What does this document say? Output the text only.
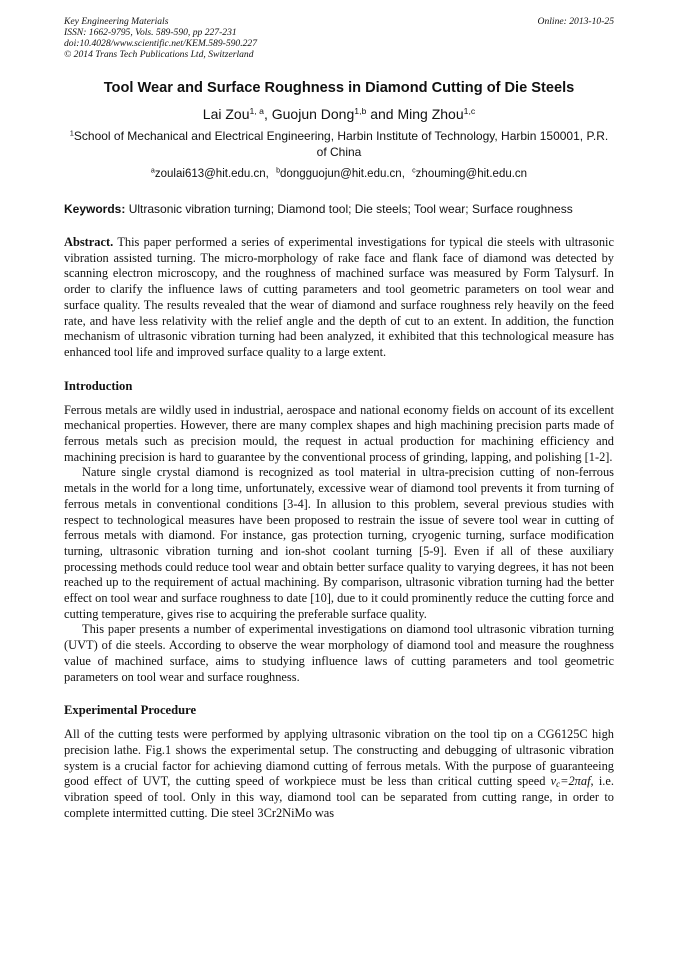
Key Engineering Materials
ISSN: 1662-9795, Vols. 589-590, pp 227-231
doi:10.4028/www.scientific.net/KEM.589-590.227
© 2014 Trans Tech Publications Ltd, Switzerland
Online: 2013-10-25
Tool Wear and Surface Roughness in Diamond Cutting of Die Steels
Lai Zou$^{1, a}$, Guojun Dong$^{1,b}$ and Ming Zhou$^{1,c}$
$^1$School of Mechanical and Electrical Engineering, Harbin Institute of Technology, Harbin 150001, P.R. of China
$^a$zoulai613@hit.edu.cn, $^b$dongguojun@hit.edu.cn, $^c$zhouming@hit.edu.cn
Keywords: Ultrasonic vibration turning; Diamond tool; Die steels; Tool wear; Surface roughness

Abstract. This paper performed a series of experimental investigations for typical die steels with ultrasonic vibration assisted turning. The micro-morphology of rake face and flank face of diamond was detected by scanning electron microscopy, and the roughness of machined surface was measured by Form Talysurf. In order to clarify the influence laws of cutting parameters and tool geometric parameters on tool wear and surface quality. The results revealed that the wear of diamond and surface roughness rely heavily on the feed rate, and have less relativity with the relief angle and the depth of cut to an extent. In addition, the function mechanism of ultrasonic vibration turning had been analyzed, it exhibited that this technological measure has enhanced tool life and improved surface quality to a large extent.

Introduction

Ferrous metals are wildly used in industrial, aerospace and national economy fields on account of its excellent mechanical properties. However, there are many complex shapes and high machining precision parts made of ferrous metals such as precision mould, the request in actual production for machining efficiency and machining precision is hard to guarantee by the conventional process of grinding, lapping, and polishing [1-2].

Nature single crystal diamond is recognized as tool material in ultra-precision cutting of non-ferrous metals in the world for a long time, unfortunately, excessive wear of diamond tool prevents it from turning of ferrous metals in conventional conditions [3-4]. In allusion to this problem, several previous studies with respect to technological measures have been proposed to restrain the issue of severe tool wear in cutting of ferrous metals with diamond. For instance, gas protection turning, cryogenic turning, surface modification turning, ultrasonic vibration turning and ion-shot coolant turning [5-9]. Even if all of these auxiliary processing methods could reduce tool wear and obtain better surface quality to varying degrees, it has not been reached up to the requirement of actual machining. By comparison, ultrasonic vibration turning had the better effect on tool wear and surface roughness to date [10], due to it could prominently reduce the cutting force and cutting temperature, gives rise to acquiring the preferable surface quality.

This paper presents a number of experimental investigations on diamond tool ultrasonic vibration turning (UVT) of die steels. According to observe the wear morphology of diamond tool and measure the roughness value of machined surface, aims to studying influence laws of cutting parameters and tool geometric parameters on tool wear and surface roughness.

Experimental Procedure

All of the cutting tests were performed by applying ultrasonic vibration on the tool tip on a CG6125C high precision lathe. Fig.1 shows the experimental setup. The constructing and debugging of ultrasonic vibration system is a crucial factor for achieving diamond cutting of ferrous metals. With the purpose of guaranteeing good effect of UVT, the cutting speed of workpiece must be less than critical cutting speed $v_c=2\pi af$, i.e. vibration speed of tool. Only in this way, diamond tool can be separated from cutting range, in order to complete intermitted cutting. Die steel 3Cr2NiMo was
